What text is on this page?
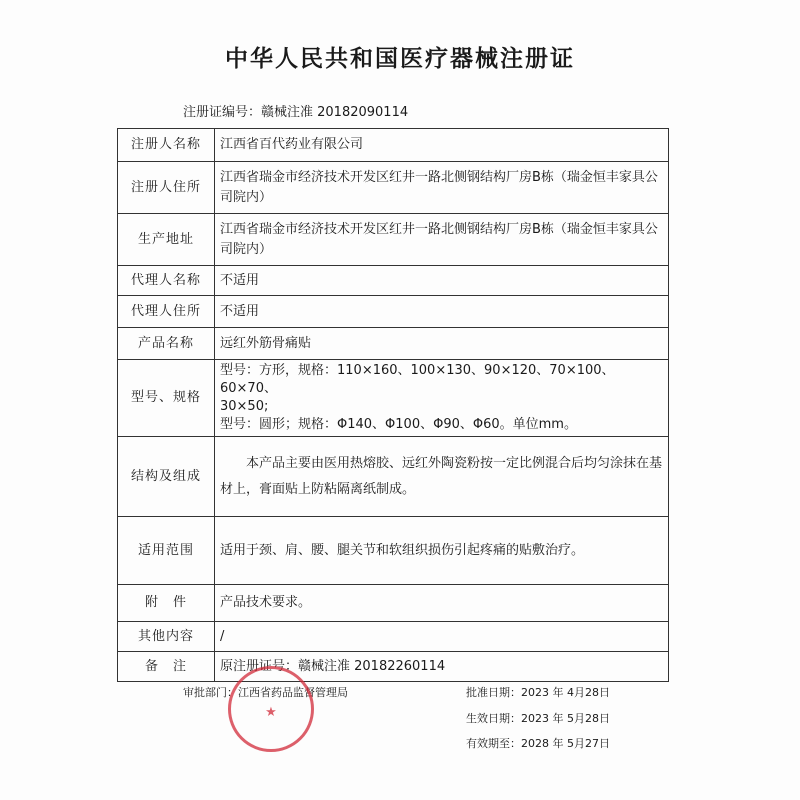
中华人民共和国医疗器械注册证
注册证编号：赣械注准 20182090114
注册人名称	江西省百代药业有限公司
注册人住所	江西省瑞金市经济技术开发区红井一路北侧钢结构厂房B栋（瑞金恒丰家具公司院内）
生产地址	江西省瑞金市经济技术开发区红井一路北侧钢结构厂房B栋（瑞金恒丰家具公司院内）
代理人名称	不适用
代理人住所	不适用
产品名称	远红外筋骨痛贴
型号、规格	型号：方形，规格：110×160、100×130、90×120、70×100、60×70、
30×50;
型号：圆形；规格：Φ140、Φ100、Φ90、Φ60。单位mm。

结构及组成	本产品主要由医用热熔胶、远红外陶瓷粉按一定比例混合后均匀涂抹在基材上，膏面贴上防粘隔离纸制成。
适用范围	适用于颈、肩、腰、腿关节和软组织损伤引起疼痛的贴敷治疗。
附　件	产品技术要求。
其他内容	/
备　注	原注册证号：赣械注准 20182260114
审批部门：江西省药品监督管理局	批准日期：2023 年 4月28日
生效日期：2023 年 5月28日
有效期至：2028 年 5月27日
★
